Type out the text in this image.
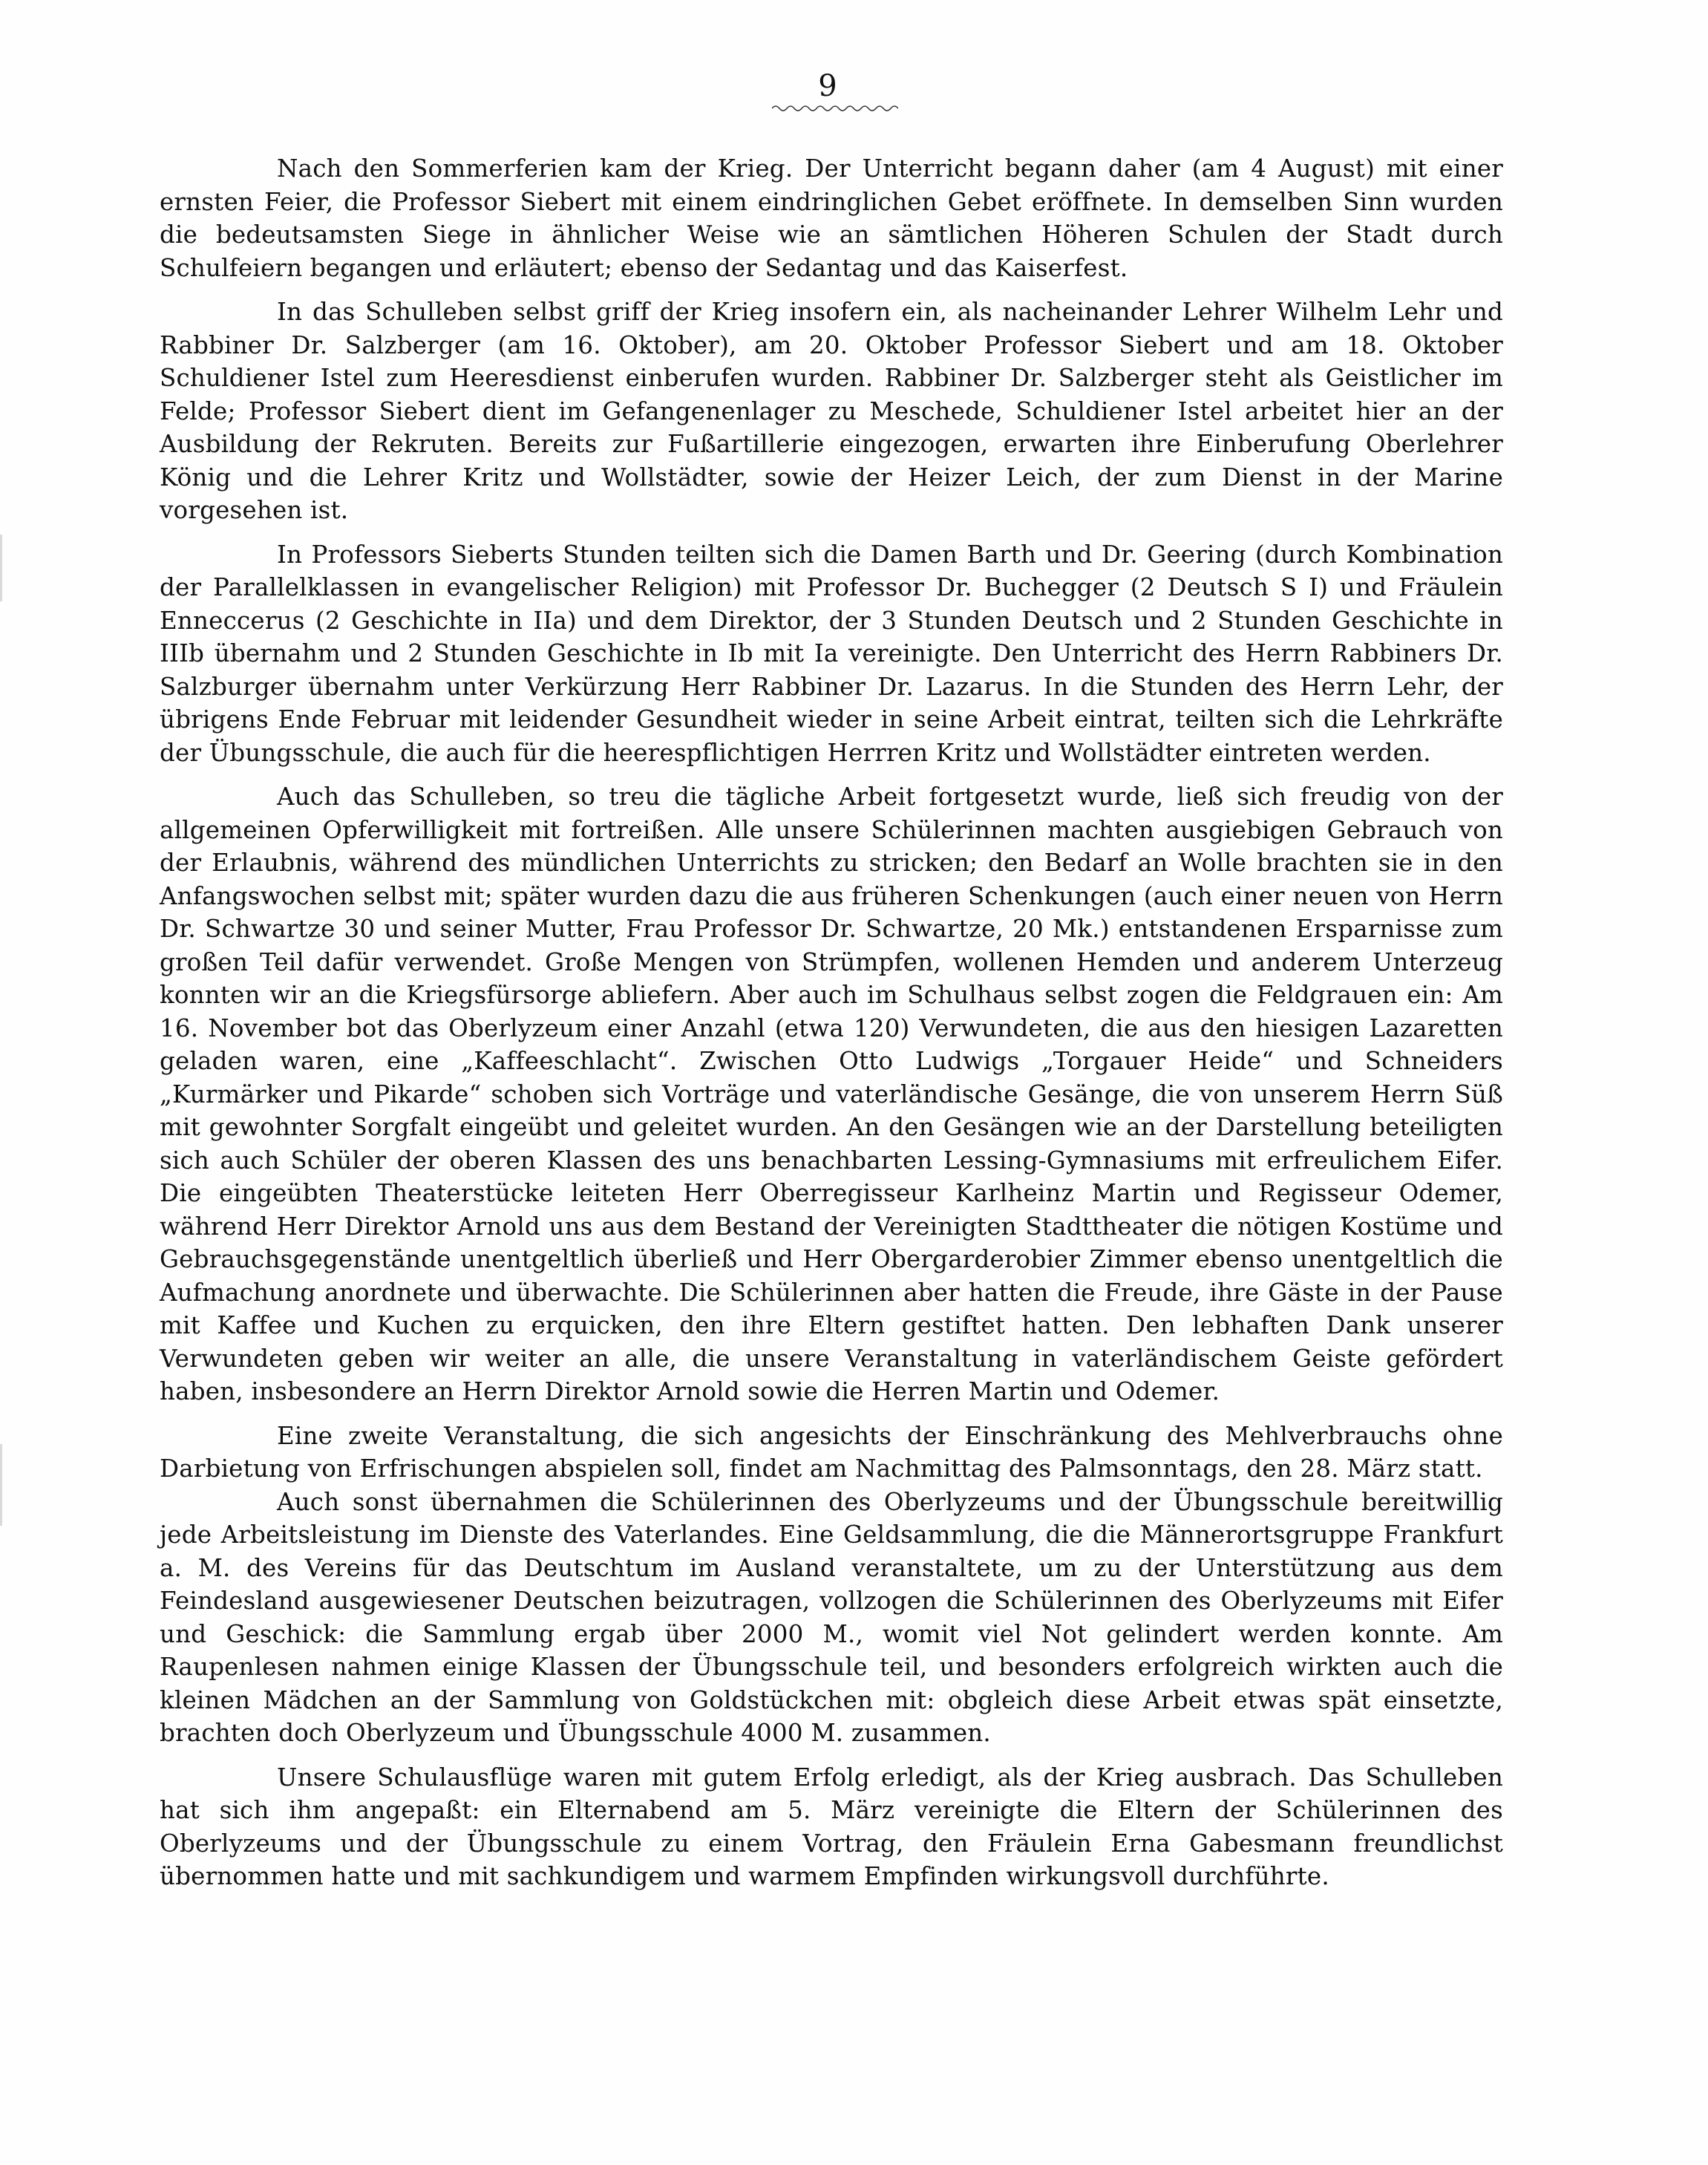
9

Nach den Sommerferien kam der Krieg. Der Unterricht begann daher (am 4 August) mit einer ernsten Feier, die Professor Siebert mit einem eindringlichen Gebet eröffnete. In demselben Sinn wurden die bedeutsamsten Siege in ähnlicher Weise wie an sämtlichen Höheren Schulen der Stadt durch Schulfeiern begangen und erläutert; ebenso der Sedantag und das Kaiserfest.

In das Schulleben selbst griff der Krieg insofern ein, als nacheinander Lehrer Wilhelm Lehr und Rabbiner Dr. Salzberger (am 16. Oktober), am 20. Oktober Professor Siebert und am 18. Oktober Schuldiener Istel zum Heeresdienst einberufen wurden. Rabbiner Dr. Salzberger steht als Geistlicher im Felde; Professor Siebert dient im Gefangenenlager zu Meschede, Schuldiener Istel arbeitet hier an der Ausbildung der Rekruten. Bereits zur Fußartillerie eingezogen, erwarten ihre Einberufung Oberlehrer König und die Lehrer Kritz und Wollstädter, sowie der Heizer Leich, der zum Dienst in der Marine vorgesehen ist.

In Professors Sieberts Stunden teilten sich die Damen Barth und Dr. Geering (durch Kombination der Parallelklassen in evangelischer Religion) mit Professor Dr. Buchegger (2 Deutsch S I) und Fräulein Enneccerus (2 Geschichte in IIa) und dem Direktor, der 3 Stunden Deutsch und 2 Stunden Geschichte in IIIb übernahm und 2 Stunden Geschichte in Ib mit Ia vereinigte. Den Unterricht des Herrn Rabbiners Dr. Salzburger übernahm unter Verkürzung Herr Rabbiner Dr. Lazarus. In die Stunden des Herrn Lehr, der übrigens Ende Februar mit leidender Gesundheit wieder in seine Arbeit eintrat, teilten sich die Lehrkräfte der Übungsschule, die auch für die heerespflichtigen Herrren Kritz und Wollstädter eintreten werden.

Auch das Schulleben, so treu die tägliche Arbeit fortgesetzt wurde, ließ sich freudig von der allgemeinen Opferwilligkeit mit fortreißen. Alle unsere Schülerinnen machten ausgiebigen Gebrauch von der Erlaubnis, während des mündlichen Unterrichts zu stricken; den Bedarf an Wolle brachten sie in den Anfangswochen selbst mit; später wurden dazu die aus früheren Schenkungen (auch einer neuen von Herrn Dr. Schwartze 30 und seiner Mutter, Frau Professor Dr. Schwartze, 20 Mk.) entstandenen Ersparnisse zum großen Teil dafür verwendet. Große Mengen von Strümpfen, wollenen Hemden und anderem Unterzeug konnten wir an die Kriegsfürsorge abliefern. Aber auch im Schulhaus selbst zogen die Feldgrauen ein: Am 16. November bot das Oberlyzeum einer Anzahl (etwa 120) Verwundeten, die aus den hiesigen Lazaretten geladen waren, eine „Kaffeeschlacht“. Zwischen Otto Ludwigs „Torgauer Heide“ und Schneiders „Kurmärker und Pikarde“ schoben sich Vorträge und vaterländische Gesänge, die von unserem Herrn Süß mit gewohnter Sorgfalt eingeübt und geleitet wurden. An den Gesängen wie an der Darstellung beteiligten sich auch Schüler der oberen Klassen des uns benachbarten Lessing-Gymnasiums mit erfreulichem Eifer. Die eingeübten Theaterstücke leiteten Herr Oberregisseur Karlheinz Martin und Regisseur Odemer, während Herr Direktor Arnold uns aus dem Bestand der Vereinigten Stadttheater die nötigen Kostüme und Gebrauchsgegenstände unentgeltlich überließ und Herr Obergarderobier Zimmer ebenso unentgeltlich die Aufmachung anordnete und überwachte. Die Schülerinnen aber hatten die Freude, ihre Gäste in der Pause mit Kaffee und Kuchen zu erquicken, den ihre Eltern gestiftet hatten. Den lebhaften Dank unserer Verwundeten geben wir weiter an alle, die unsere Veranstaltung in vaterländischem Geiste gefördert haben, insbesondere an Herrn Direktor Arnold sowie die Herren Martin und Odemer.

Eine zweite Veranstaltung, die sich angesichts der Einschränkung des Mehlverbrauchs ohne Darbietung von Erfrischungen abspielen soll, findet am Nachmittag des Palmsonntags, den 28. März statt.

Auch sonst übernahmen die Schülerinnen des Oberlyzeums und der Übungsschule bereitwillig jede Arbeitsleistung im Dienste des Vaterlandes. Eine Geldsammlung, die die Männerortsgruppe Frankfurt a. M. des Vereins für das Deutschtum im Ausland veranstaltete, um zu der Unterstützung aus dem Feindesland ausgewiesener Deutschen beizutragen, vollzogen die Schülerinnen des Oberlyzeums mit Eifer und Geschick: die Sammlung ergab über 2000 M., womit viel Not gelindert werden konnte. Am Raupenlesen nahmen einige Klassen der Übungsschule teil, und besonders erfolgreich wirkten auch die kleinen Mädchen an der Sammlung von Goldstückchen mit: obgleich diese Arbeit etwas spät einsetzte, brachten doch Oberlyzeum und Übungsschule 4000 M. zusammen.

Unsere Schulausflüge waren mit gutem Erfolg erledigt, als der Krieg ausbrach. Das Schulleben hat sich ihm angepaßt: ein Elternabend am 5. März vereinigte die Eltern der Schülerinnen des Oberlyzeums und der Übungsschule zu einem Vortrag, den Fräulein Erna Gabesmann freundlichst übernommen hatte und mit sachkundigem und warmem Empfinden wirkungsvoll durchführte.
